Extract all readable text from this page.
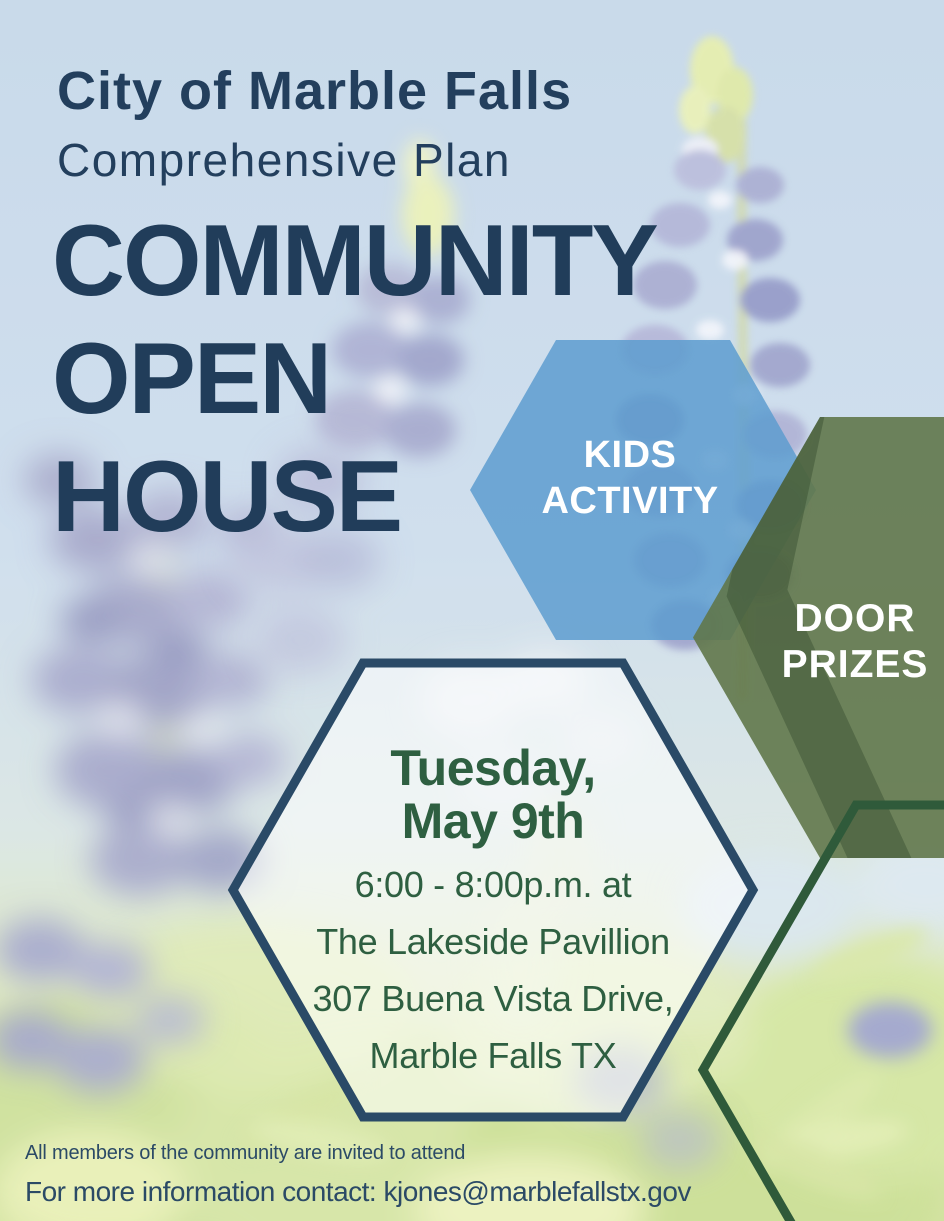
City of Marble Falls
Comprehensive Plan
COMMUNITY
OPEN
HOUSE	KIDS
ACTIVITY
DOOR
PRIZES
Tuesday,
May 9th
6:00 - 8:00p.m. at
The Lakeside Pavillion
307 Buena Vista Drive,
Marble Falls TX
All members of the community are invited to attend
For more information contact: kjones@marblefallstx.gov
